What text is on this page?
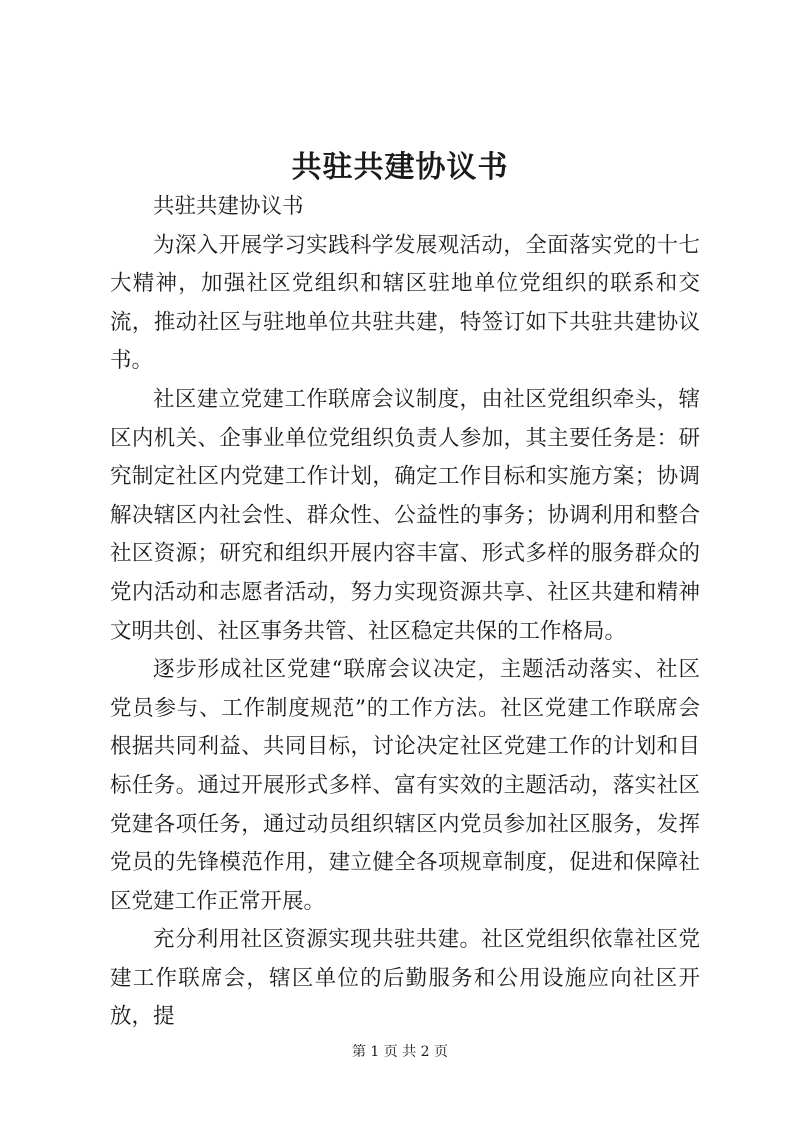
共驻共建协议书

共驻共建协议书

为深入开展学习实践科学发展观活动，全面落实党的十七大精神，加强社区党组织和辖区驻地单位党组织的联系和交流，推动社区与驻地单位共驻共建，特签订如下共驻共建协议书。

社区建立党建工作联席会议制度，由社区党组织牵头，辖区内机关、企事业单位党组织负责人参加，其主要任务是：研究制定社区内党建工作计划，确定工作目标和实施方案；协调解决辖区内社会性、群众性、公益性的事务；协调利用和整合社区资源；研究和组织开展内容丰富、形式多样的服务群众的党内活动和志愿者活动，努力实现资源共享、社区共建和精神文明共创、社区事务共管、社区稳定共保的工作格局。

逐步形成社区党建“联席会议决定，主题活动落实、社区党员参与、工作制度规范”的工作方法。社区党建工作联席会根据共同利益、共同目标，讨论决定社区党建工作的计划和目标任务。通过开展形式多样、富有实效的主题活动，落实社区党建各项任务，通过动员组织辖区内党员参加社区服务，发挥党员的先锋模范作用，建立健全各项规章制度，促进和保障社区党建工作正常开展。

充分利用社区资源实现共驻共建。社区党组织依靠社区党建工作联席会，辖区单位的后勤服务和公用设施应向社区开放，提

第 1 页 共 2 页
